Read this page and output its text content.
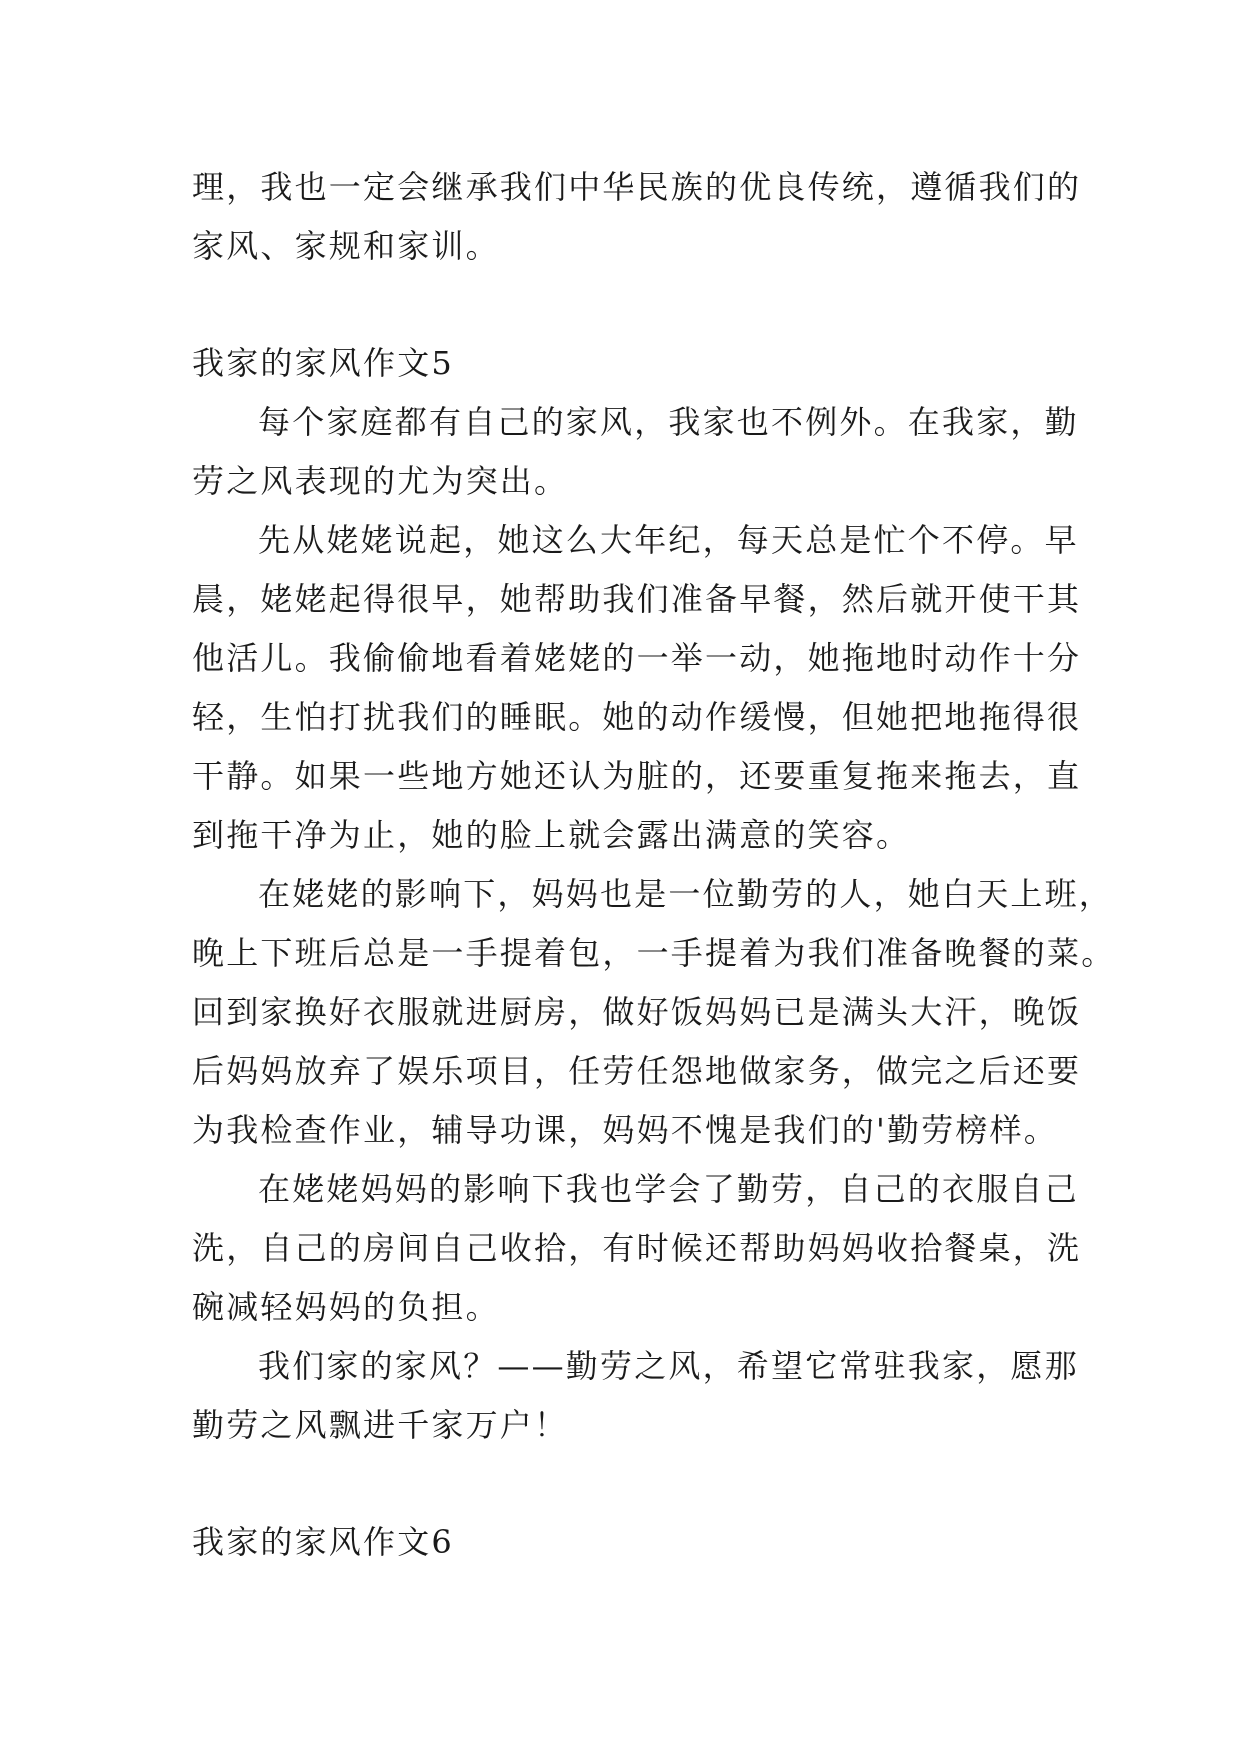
理，我也一定会继承我们中华民族的优良传统，遵循我们的
家风、家规和家训。
我家的家风作文5
每个家庭都有自己的家风，我家也不例外。在我家，勤
劳之风表现的尤为突出。
先从姥姥说起，她这么大年纪，每天总是忙个不停。早
晨，姥姥起得很早，她帮助我们准备早餐，然后就开使干其
他活儿。我偷偷地看着姥姥的一举一动，她拖地时动作十分
轻，生怕打扰我们的睡眠。她的动作缓慢，但她把地拖得很
干静。如果一些地方她还认为脏的，还要重复拖来拖去，直
到拖干净为止，她的脸上就会露出满意的笑容。
在姥姥的影响下，妈妈也是一位勤劳的人，她白天上班，
晚上下班后总是一手提着包，一手提着为我们准备晚餐的菜。
回到家换好衣服就进厨房，做好饭妈妈已是满头大汗，晚饭
后妈妈放弃了娱乐项目，任劳任怨地做家务，做完之后还要
为我检查作业，辅导功课，妈妈不愧是我们的'勤劳榜样。
在姥姥妈妈的影响下我也学会了勤劳，自己的衣服自己
洗，自己的房间自己收拾，有时候还帮助妈妈收拾餐桌，洗
碗减轻妈妈的负担。
我们家的家风？——勤劳之风，希望它常驻我家，愿那
勤劳之风飘进千家万户！
我家的家风作文6
